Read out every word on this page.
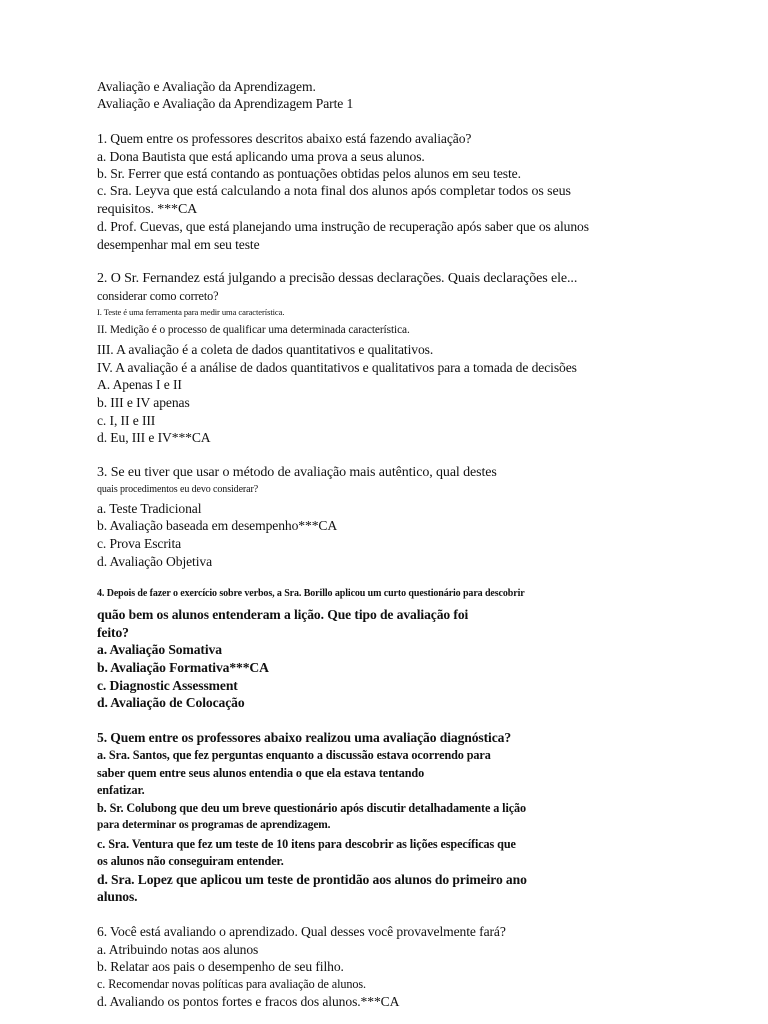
Avaliação e Avaliação da Aprendizagem.
Avaliação e Avaliação da Aprendizagem Parte 1
1. Quem entre os professores descritos abaixo está fazendo avaliação?
a. Dona Bautista que está aplicando uma prova a seus alunos.
b. Sr. Ferrer que está contando as pontuações obtidas pelos alunos em seu teste.
c. Sra. Leyva que está calculando a nota final dos alunos após completar todos os seus
requisitos. ***CA
d. Prof. Cuevas, que está planejando uma instrução de recuperação após saber que os alunos
desempenhar mal em seu teste
2. O Sr. Fernandez está julgando a precisão dessas declarações. Quais declarações ele...
considerar como correto?
I. Teste é uma ferramenta para medir uma característica.
II. Medição é o processo de qualificar uma determinada característica.
III. A avaliação é a coleta de dados quantitativos e qualitativos.
IV. A avaliação é a análise de dados quantitativos e qualitativos para a tomada de decisões
A. Apenas I e II
b. III e IV apenas
c. I, II e III
d. Eu, III e IV***CA
3. Se eu tiver que usar o método de avaliação mais autêntico, qual destes
quais procedimentos eu devo considerar?
a. Teste Tradicional
b. Avaliação baseada em desempenho***CA
c. Prova Escrita
d. Avaliação Objetiva
4. Depois de fazer o exercício sobre verbos, a Sra. Borillo aplicou um curto questionário para descobrir
quão bem os alunos entenderam a lição. Que tipo de avaliação foi
feito?
a. Avaliação Somativa
b. Avaliação Formativa***CA
c. Diagnostic Assessment
d. Avaliação de Colocação
5. Quem entre os professores abaixo realizou uma avaliação diagnóstica?
a. Sra. Santos, que fez perguntas enquanto a discussão estava ocorrendo para
saber quem entre seus alunos entendia o que ela estava tentando
enfatizar.
b. Sr. Colubong que deu um breve questionário após discutir detalhadamente a lição
para determinar os programas de aprendizagem.
c. Sra. Ventura que fez um teste de 10 itens para descobrir as lições específicas que
os alunos não conseguiram entender.
d. Sra. Lopez que aplicou um teste de prontidão aos alunos do primeiro ano
alunos.
6. Você está avaliando o aprendizado. Qual desses você provavelmente fará?
a. Atribuindo notas aos alunos
b. Relatar aos pais o desempenho de seu filho.
c. Recomendar novas políticas para avaliação de alunos.
d. Avaliando os pontos fortes e fracos dos alunos.***CA
